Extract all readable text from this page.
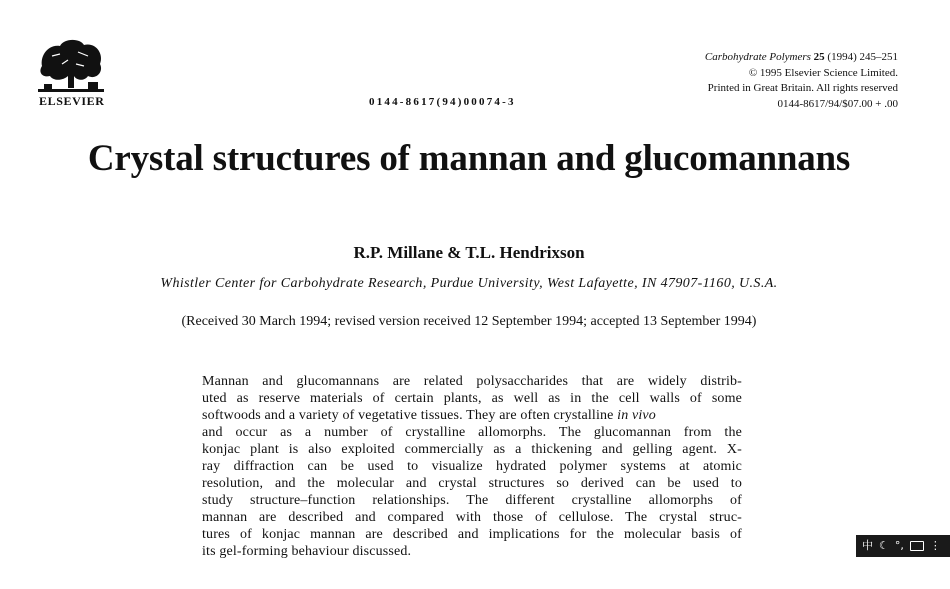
ELSEVIER	0144-8617(94)00074-3
Carbohydrate Polymers 25 (1994) 245–251
© 1995 Elsevier Science Limited.
Printed in Great Britain. All rights reserved
0144-8617/94/$07.00 + .00
Crystal structures of mannan and glucomannans
R.P. Millane & T.L. Hendrixson
Whistler Center for Carbohydrate Research, Purdue University, West Lafayette, IN 47907-1160, U.S.A.
(Received 30 March 1994; revised version received 12 September 1994; accepted 13 September 1994)
Mannan and glucomannans are related polysaccharides that are widely distrib-
uted as reserve materials of certain plants, as well as in the cell walls of some
softwoods and a variety of vegetative tissues. They are often crystalline in vivo
and occur as a number of crystalline allomorphs. The glucomannan from the
konjac plant is also exploited commercially as a thickening and gelling agent. X-
ray diffraction can be used to visualize hydrated polymer systems at atomic
resolution, and the molecular and crystal structures so derived can be used to
study structure–function relationships. The different crystalline allomorphs of
mannan are described and compared with those of cellulose. The crystal struc-
tures of konjac mannan are described and implications for the molecular basis of
its gel-forming behaviour discussed.	中 ☾ °, ⋮
